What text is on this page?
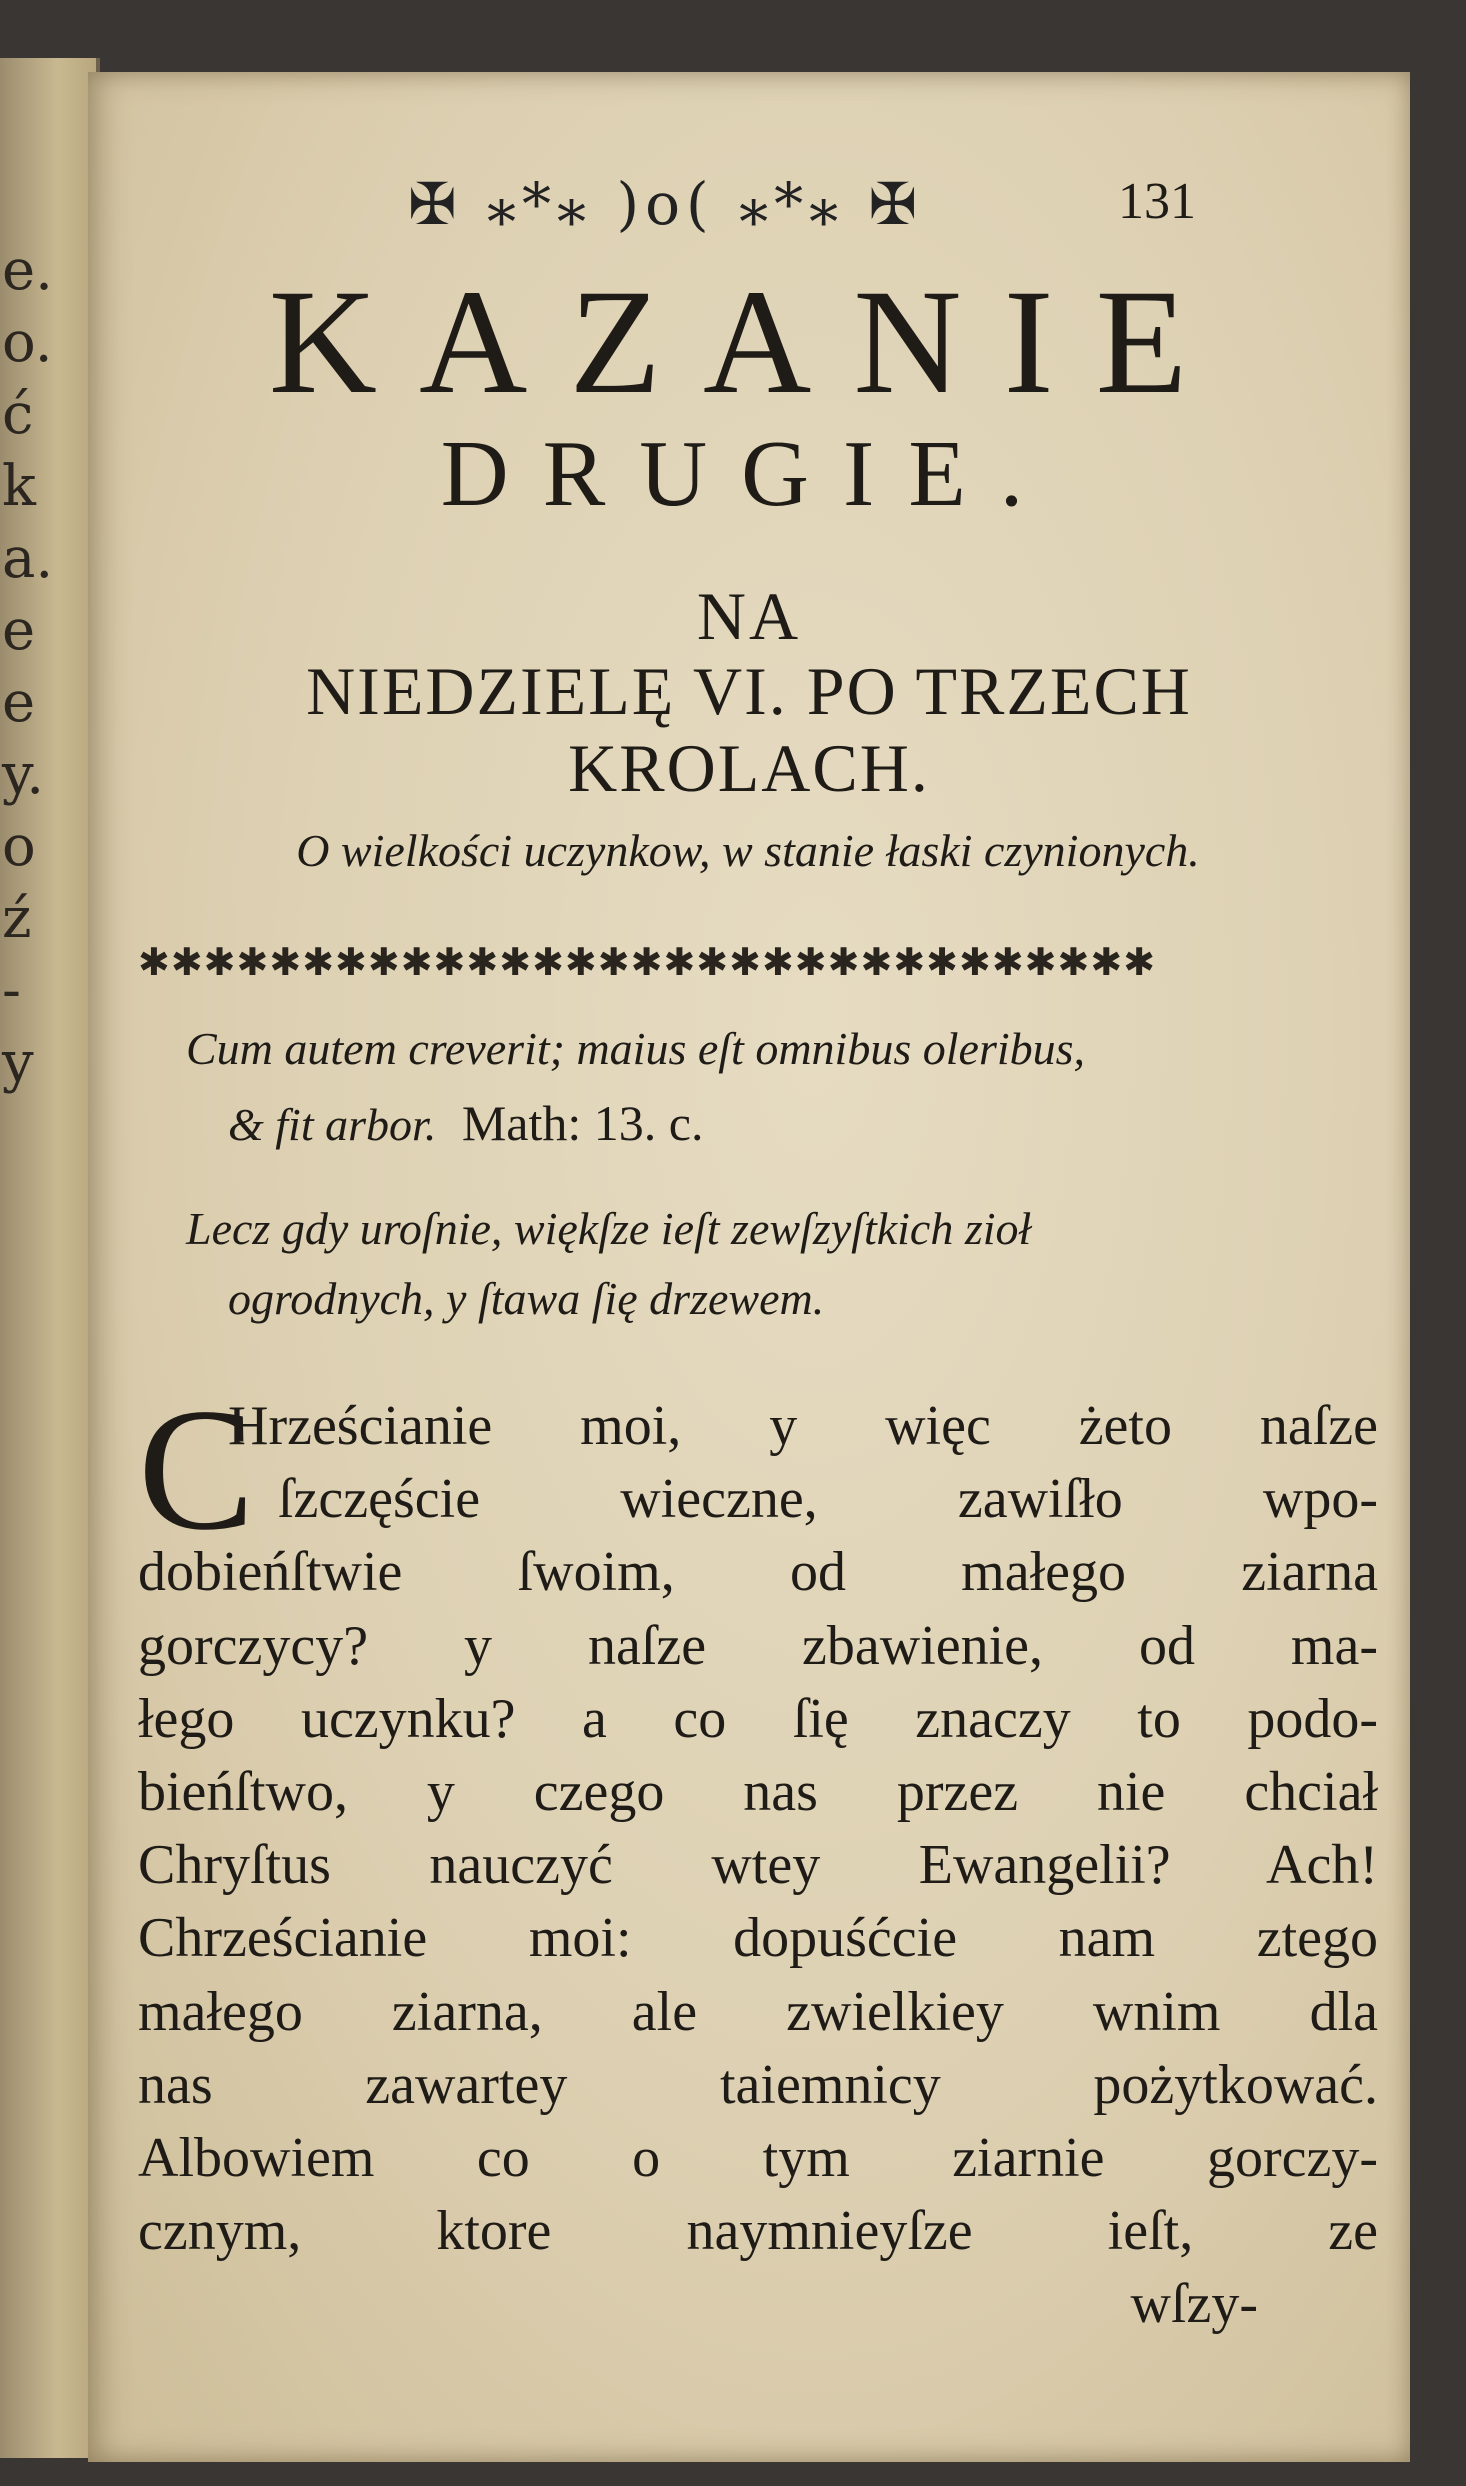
e.
o.
ć
k
a.
e
e
y.
o
ź
-
y
✠ ⁎*⁎ )o( ⁎*⁎ ✠	131
KAZANIE
DRUGIE.
NA
NIEDZIELĘ VI. PO TRZECH
KROLACH.
O wielkości uczynkow, w stanie łaski czynionych.
✱✱✱✱✱✱✱✱✱✱✱✱✱✱✱✱✱✱✱✱✱✱✱✱✱✱✱✱✱✱✱
Cum autem creverit; maius eſt omnibus oleribus,
& fit arbor. Math: 13. c.
Lecz gdy uroſnie, więkſze ieſt zewſzyſtkich zioł
ogrodnych, y ſtawa ſię drzewem.
C
Hrześcianie moi, y więc żeto naſze
ſzczęście wieczne, zawiſło wpo-
dobieńſtwie ſwoim, od małego ziarna
gorczycy? y naſze zbawienie, od ma-
łego uczynku? a co ſię znaczy to podo-
bieńſtwo, y czego nas przez nie chciał
Chryſtus nauczyć wtey Ewangelii? Ach!
Chrześcianie moi: dopuśćcie nam ztego
małego ziarna, ale zwielkiey wnim dla
nas zawartey taiemnicy pożytkować.
Albowiem co o tym ziarnie gorczy-
cznym, ktore naymnieyſze ieſt, ze
wſzy-
